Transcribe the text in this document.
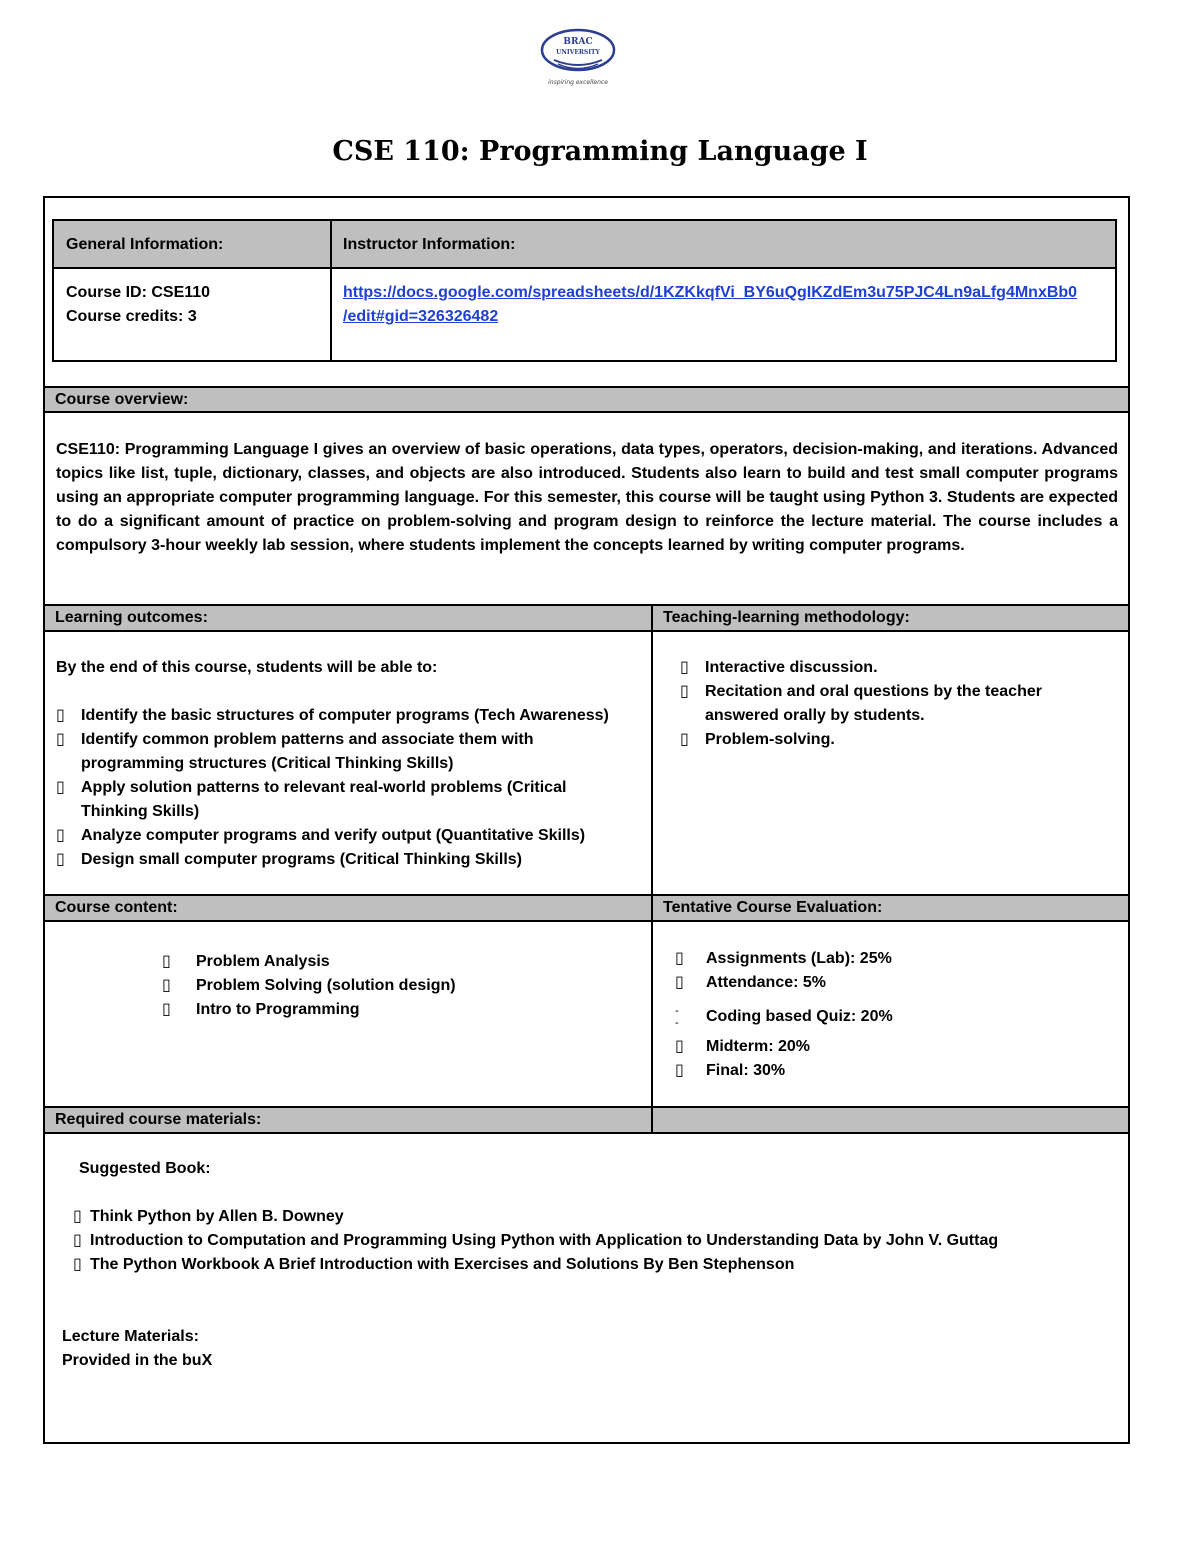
BRAC
UNIVERSITY
inspiring excellence
CSE 110: Programming Language I
General Information:	Instructor Information:
Course ID: CSE110
Course credits: 3
https://docs.google.com/spreadsheets/d/1KZKkqfVi_BY6uQgIKZdEm3u75PJC4Ln9aLfg4MnxBb0
/edit#gid=326326482
Course overview:
CSE110: Programming Language I gives an overview of basic operations, data types, operators, decision-making, and iterations. Advanced topics like list, tuple, dictionary, classes, and objects are also introduced. Students also learn to build and test small computer programs using an appropriate computer programming language. For this semester, this course will be taught using Python 3. Students are expected to do a significant amount of practice on problem-solving and program design to reinforce the lecture material. The course includes a compulsory 3-hour weekly lab session, where students implement the concepts learned by writing computer programs.
Learning outcomes:	Teaching-learning methodology:
By the end of this course, students will be able to:
▯ Identify the basic structures of computer programs (Tech Awareness)
▯ Identify common problem patterns and associate them with programming structures (Critical Thinking Skills)
▯ Apply solution patterns to relevant real-world problems (Critical Thinking Skills)
▯ Analyze computer programs and verify output (Quantitative Skills)
▯ Design small computer programs (Critical Thinking Skills)
▯ Interactive discussion.
▯ Recitation and oral questions by the teacher answered orally by students.
▯ Problem-solving.
Course content:	Tentative Course Evaluation:
▯ Problem Analysis
▯ Problem Solving (solution design)
▯ Intro to Programming
▯ Assignments (Lab): 25%
▯ Attendance: 5%
-
- Coding based Quiz: 20%
▯ Midterm: 20%
▯ Final: 30%
Required course materials:
Suggested Book:
▯ Think Python by Allen B. Downey
▯ Introduction to Computation and Programming Using Python with Application to Understanding Data by John V. Guttag
▯ The Python Workbook A Brief Introduction with Exercises and Solutions By Ben Stephenson
Lecture Materials:
Provided in the buX
